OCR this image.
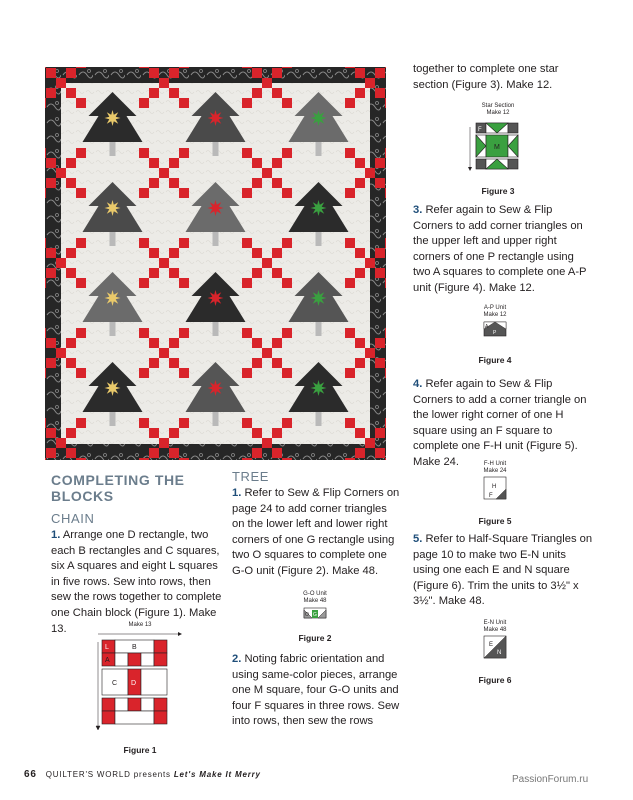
COMPLETING THE BLOCKS

CHAIN

1. Arrange one D rectangle, two each B rectangles and C squares, six A squares and eight L squares in five rows. Sew into rows, then sew the rows together to complete one Chain block (Figure 1). Make 13.	Make 13
L	B
A
C D
Figure 1

TREE

1. Refer to Sew & Flip Corners on page 24 to add corner triangles on the lower left and lower right corners of one G rectangle using two O squares to complete one G-O unit (Figure 2). Make 48.

G-O Unit
Make 48
O G
Figure 2

2. Noting fabric orientation and using same-color pieces, arrange one M square, four G-O units and four F squares in three rows. Sew into rows, then sew the rows

together to complete one star section (Figure 3). Make 12.

Star Section
Make 12
F
M
Figure 3

3. Refer again to Sew & Flip Corners to add corner triangles on the upper left and upper right corners of one P rectangle using two A squares to complete one A-P unit (Figure 4). Make 12.

A-P Unit
Make 12
A
P
Figure 4

4. Refer again to Sew & Flip Corners to add a corner triangle on the lower right corner of one H square using an F square to complete one F-H unit (Figure 5). Make 24.	F-H Unit
Make 24
H
F
Figure 5

5. Refer to Half-Square Triangles on page 10 to make two E-N units using one each E and N square (Figure 6). Trim the units to 3½" x 3½". Make 48.

E-N Unit
Make 48
E
N
Figure 6
66 QUILTER'S WORLD presents Let's Make It Merry	PassionForum.ru
